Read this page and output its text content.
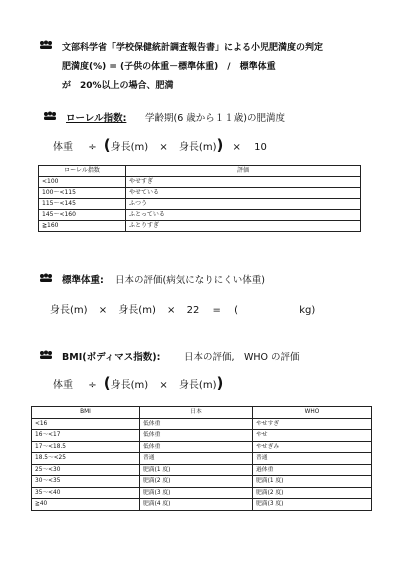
文部科学省「学校保健統計調査報告書」による小児肥満度の判定
肥満度(%) = (子供の体重－標準体重)　/　標準体重
が　20%以上の場合、肥満
ローレル指数: 学齢期(6 歳から１１歳)の肥満度
体重 ÷ (身長(m) × 身長(m)) × 10
ローレル指数	評価
<100	やせすぎ
100～<115	やせている
115～<145	ふつう
145～<160	ふとっている
≧160	ふとりすぎ
標準体重: 日本の評価(病気になりにくい体重)
身長(m) × 身長(m) × 22 = (	kg)
BMI(ボディマス指数): 日本の評価,　WHO の評価
体重 ÷ (身長(m) × 身長(m))
BMI	日本	WHO
<16	低体重	やせすぎ
16～<17	低体重	やせ
17～<18.5	低体重	やせぎみ
18.5～<25	普通	普通
25～<30	肥満(1 度)	過体重
30～<35	肥満(2 度)	肥満(1 度)
35～<40	肥満(3 度)	肥満(2 度)
≧40	肥満(4 度)	肥満(3 度)
